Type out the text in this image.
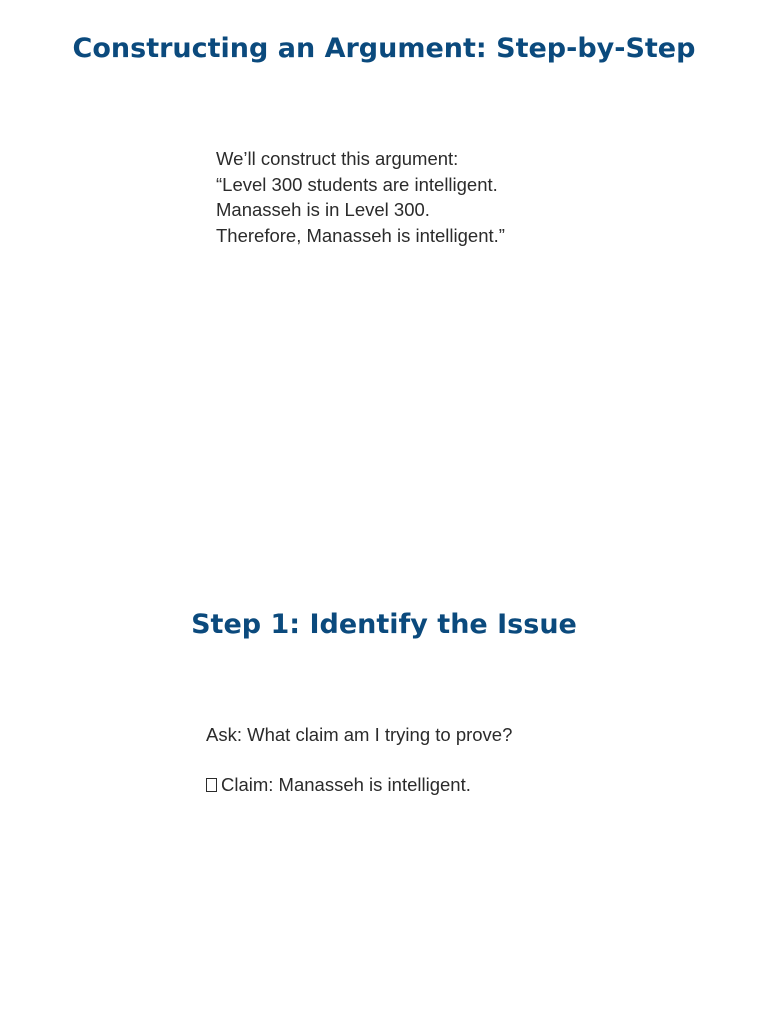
Constructing an Argument: Step-by-Step
We’ll construct this argument:
“Level 300 students are intelligent.
Manasseh is in Level 300.
Therefore, Manasseh is intelligent.”
Step 1: Identify the Issue
Ask: What claim am I trying to prove?
Claim: Manasseh is intelligent.
